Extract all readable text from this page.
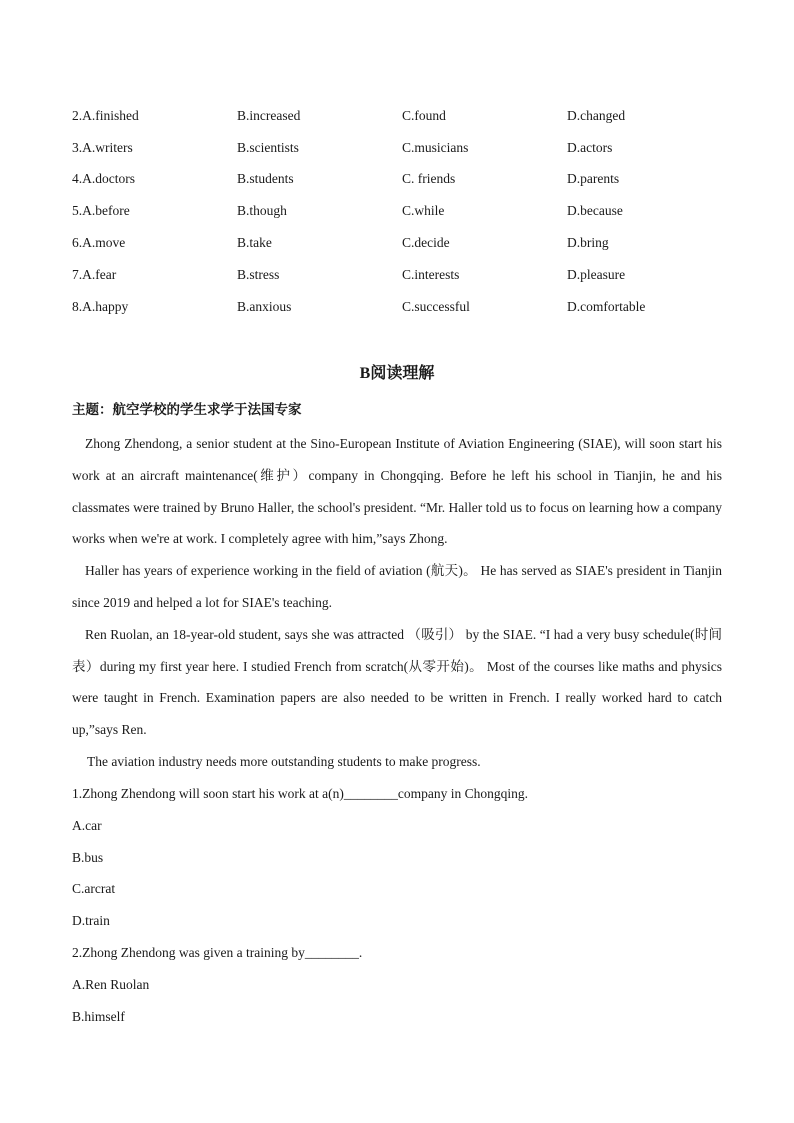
2.A.finished	B.increased	C.found	D.changed
3.A.writers	B.scientists	C.musicians	D.actors
4.A.doctors	B.students	C. friends	D.parents
5.A.before	B.though	C.while	D.because
6.A.move	B.take	C.decide	D.bring
7.A.fear	B.stress	C.interests	D.pleasure
8.A.happy	B.anxious	C.successful	D.comfortable
B阅读理解
主题：航空学校的学生求学于法国专家

Zhong Zhendong, a senior student at the Sino-European Institute of Aviation Engineering (SIAE), will soon start his work at an aircraft maintenance(维护）company in Chongqing. Before he left his school in Tianjin, he and his classmates were trained by Bruno Haller, the school's president. “Mr. Haller told us to focus on learning how a company works when we're at work. I completely agree with him,”says Zhong.

Haller has years of experience working in the field of aviation (航天)。 He has served as SIAE's president in Tianjin since 2019 and helped a lot for SIAE's teaching.

Ren Ruolan, an 18-year-old student, says she was attracted （吸引） by the SIAE. “I had a very busy schedule(时间表）during my first year here. I studied French from scratch(从零开始)。 Most of the courses like maths and physics were taught in French. Examination papers are also needed to be written in French. I really worked hard to catch up,”says Ren.

The aviation industry needs more outstanding students to make progress.

1.Zhong Zhendong will soon start his work at a(n)________company in Chongqing.
A.car
B.bus
C.arcrat
D.train
2.Zhong Zhendong was given a training by________.
A.Ren Ruolan
B.himself
